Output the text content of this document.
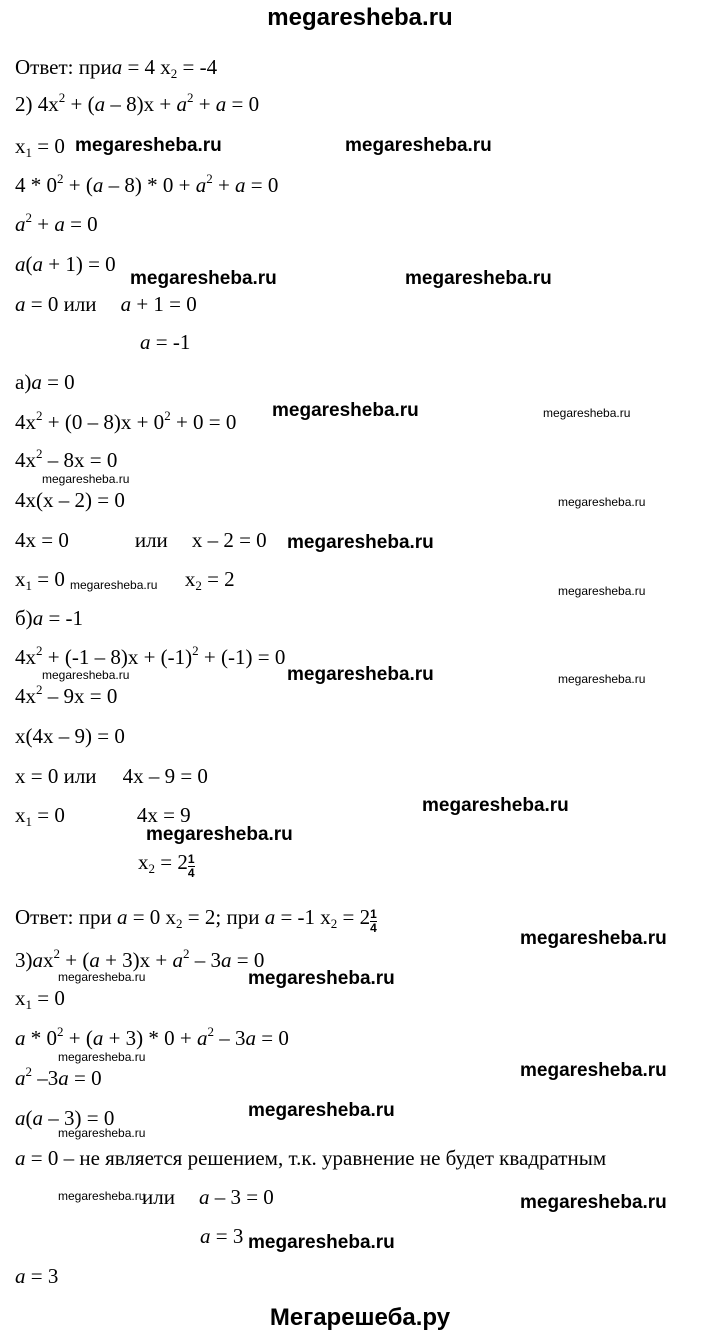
megaresheba.ru
Ответ: приa = 4 $x_2 = -4$
2) $4x^2 + (a - 8)x + a^2 + a = 0$
$x_1 = 0$ megaresheba.ru	megaresheba.ru
$4 * 0^2 + (a - 8) * 0 + a^2 + a = 0$
$a^2 + a = 0$
a(a + 1) = 0
megaresheba.ru	megaresheba.ru
a = 0 или a + 1 = 0
a = -1
а)a = 0
$4x^2 + (0 - 8)x + 0^2 + 0 = 0$ megaresheba.ru	megaresheba.ru
$4x^2 - 8x = 0$
megaresheba.ru
4x(x – 2) = 0	megaresheba.ru
4x = 0	или x – 2 = 0 megaresheba.ru
$x_1 = 0$	$x_2 = 2$
megaresheba.ru	megaresheba.ru
б)a = -1
$4x^2 + (-1 - 8)x + (-1)^2 + (-1) = 0$
megaresheba.ru	megaresheba.ru	megaresheba.ru
$4x^2 - 9x = 0$
x(4x – 9) = 0
x = 0 или 4x – 9 = 0
$x_1 = 0$	4x = 9	megaresheba.ru
megaresheba.ru
$x_2 = 2 \frac{1}{4}$
Ответ: при a = 0 $x_2 = 2$; при a = -1 $x_2 = 2 \frac{1}{4}$
megaresheba.ru
$3)ax^2 + (a + 3)x + a^2 - 3a = 0$
megaresheba.ru	megaresheba.ru
$x_1 = 0$
$a * 0^2 + (a + 3) * 0 + a^2 - 3a = 0$
megaresheba.ru
$a^2$ –3a = 0	megaresheba.ru
a(a – 3) = 0	megaresheba.ru
megaresheba.ru
a = 0 – не является решением, т.к. уравнение не будет квадратным
megaresheba.ru
или a – 3 = 0	megaresheba.ru
a = 3 megaresheba.ru
a = 3
Мегарешеба.ру
